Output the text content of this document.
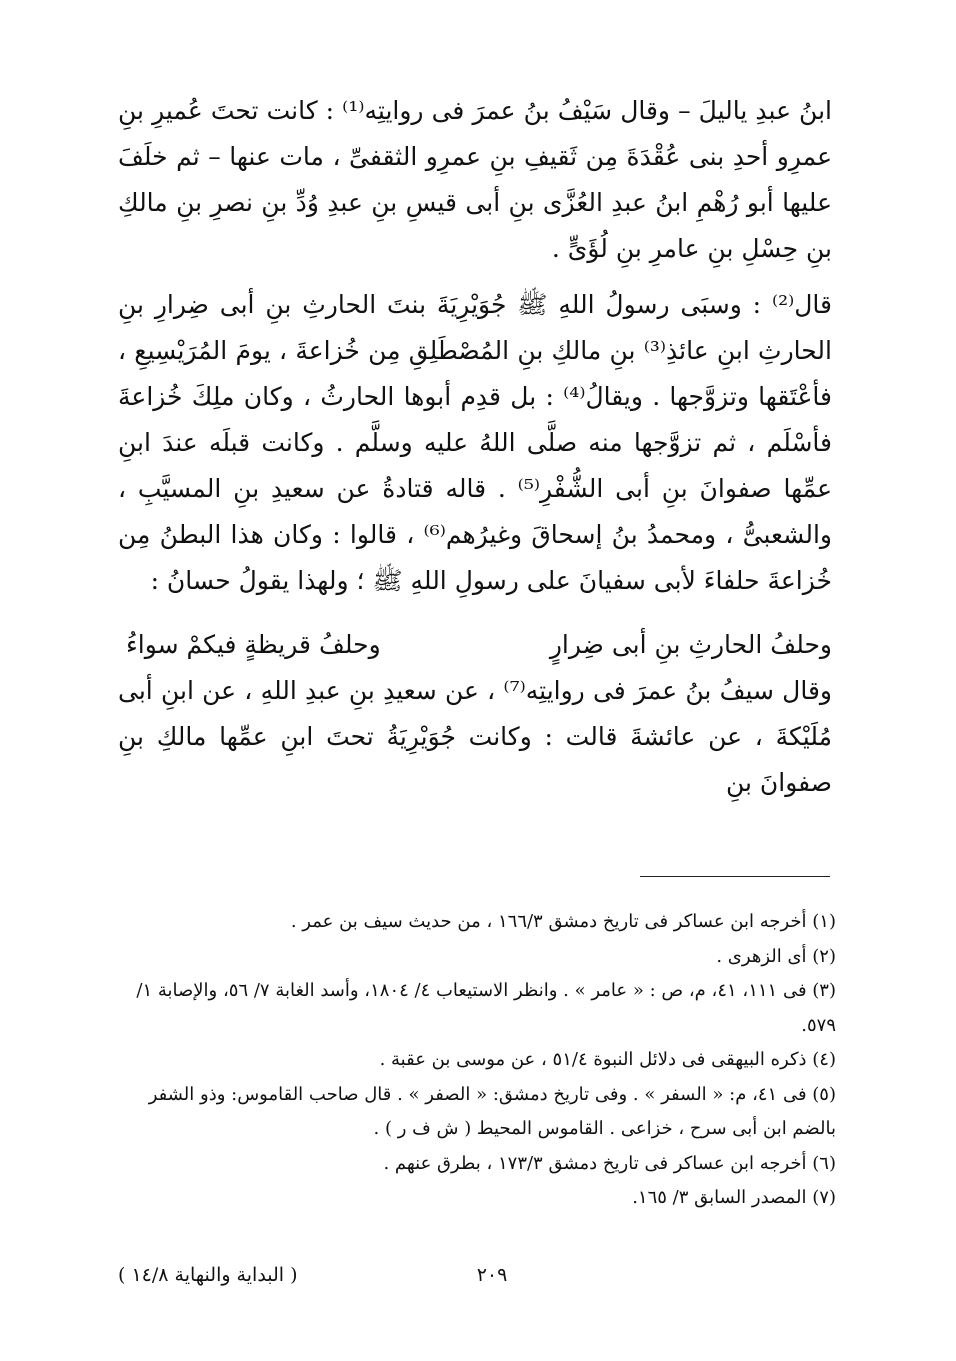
ابنُ عبدِ ياليلَ – وقال سَيْفُ بنُ عمرَ فى روايتِه⁽¹⁾ : كانت تحتَ عُميرِ بنِ عمرِو أحدِ بنى عُقْدَةَ مِن ثَقيفِ بنِ عمرِو الثقفىِّ ، مات عنها – ثم خلَفَ عليها أبو رُهْمِ ابنُ عبدِ العُزَّى بنِ أبى قيسِ بنِ عبدِ وُدِّ بنِ نصرِ بنِ مالكِ بنِ حِسْلِ بنِ عامرِ بنِ لُؤَىٍّ .

قال⁽²⁾ : وسبَى رسولُ اللهِ ﷺ جُوَيْرِيَةَ بنتَ الحارثِ بنِ أبى ضِرارِ بنِ الحارثِ ابنِ عائذِ⁽³⁾ بنِ مالكِ بنِ المُصْطَلِقِ مِن خُزاعةَ ، يومَ المُرَيْسِيعِ ، فأعْتَقها وتزوَّجها . ويقالُ⁽⁴⁾ : بل قدِم أبوها الحارثُ ، وكان ملِكَ خُزاعةَ فأسْلَم ، ثم تزوَّجها منه صلَّى اللهُ عليه وسلَّم . وكانت قبلَه عندَ ابنِ عمِّها صفوانَ بنِ أبى الشُّفْرِ⁽⁵⁾ . قاله قتادةُ عن سعيدِ بنِ المسيَّبِ ، والشعبىُّ ، ومحمدُ بنُ إسحاقَ وغيرُهم⁽⁶⁾ ، قالوا : وكان هذا البطنُ مِن خُزاعةَ حلفاءَ لأبى سفيانَ على رسولِ اللهِ ﷺ ؛ ولهذا يقولُ حسانُ :

وحلفُ الحارثِ بنِ أبى ضِرارٍ
وحلفُ قريظةٍ فيكمْ سواءُ

وقال سيفُ بنُ عمرَ فى روايتِه⁽⁷⁾ ، عن سعيدِ بنِ عبدِ اللهِ ، عن ابنِ أبى مُلَيْكةَ ، عن عائشةَ قالت : وكانت جُوَيْرِيَةُ تحتَ ابنِ عمِّها مالكِ بنِ صفوانَ بنِ

(١) أخرجه ابن عساكر فى تاريخ دمشق ١٦٦/٣ ، من حديث سيف بن عمر .

(٢) أى الزهرى .

(٣) فى ١١١، ٤١، م، ص : « عامر » . وانظر الاستيعاب ٤/ ١٨٠٤، وأسد الغابة ٧/ ٥٦، والإصابة ١/ ٥٧٩.

(٤) ذكره البيهقى فى دلائل النبوة ٥١/٤ ، عن موسى بن عقبة .

(٥) فى ٤١، م: « السفر » . وفى تاريخ دمشق: « الصفر » . قال صاحب القاموس: وذو الشفر بالضم ابن أبى سرح ، خزاعى . القاموس المحيط ( ش ف ر ) .

(٦) أخرجه ابن عساكر فى تاريخ دمشق ١٧٣/٣ ، بطرق عنهم .

(٧) المصدر السابق ٣/ ١٦٥.

( البداية والنهاية ١٤/٨ )	٢٠٩
